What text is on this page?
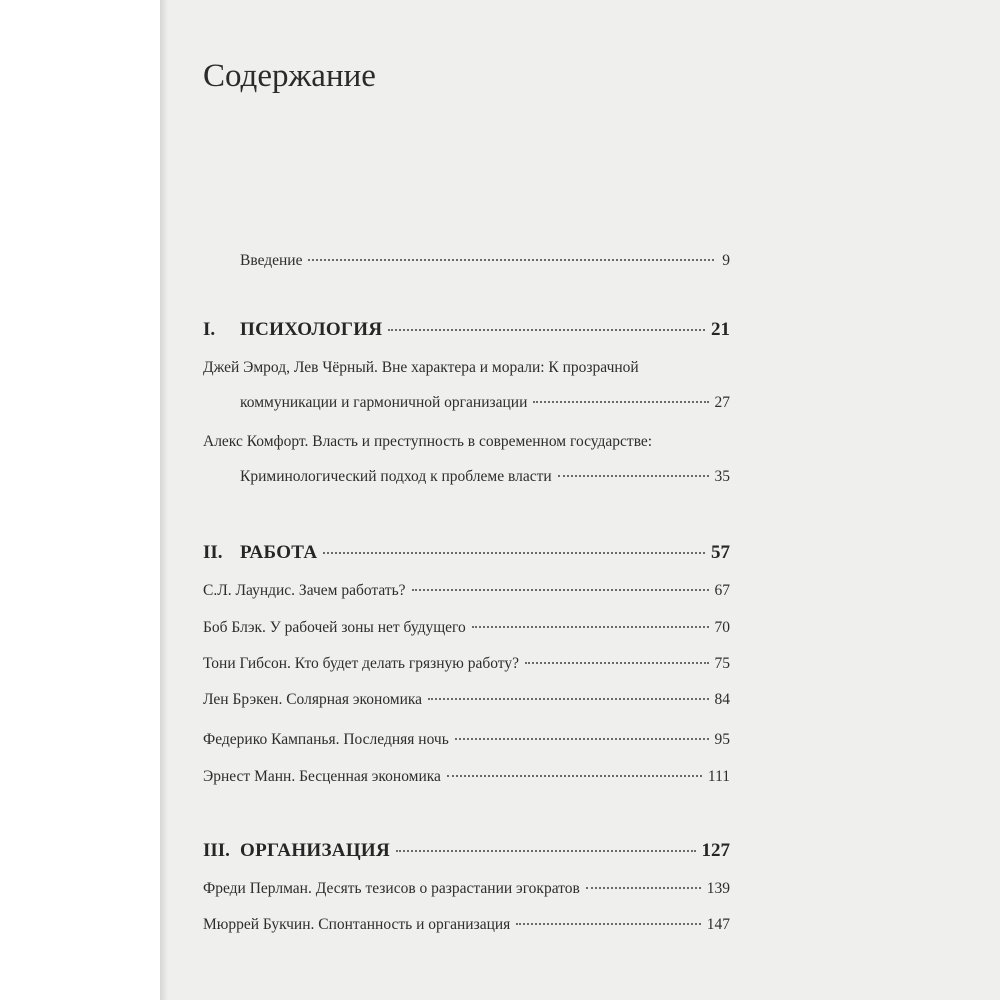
Содержание
Введение	9
I.	ПСИХОЛОГИЯ	21
Джей Эмрод, Лев Чёрный. Вне характера и морали: К прозрачной
коммуникации и гармоничной организации	27
Алекс Комфорт. Власть и преступность в современном государстве:
Криминологический подход к проблеме власти	35
II. РАБОТА	57
С.Л. Лаундис. Зачем работать?	67
Боб Блэк. У рабочей зоны нет будущего	70
Тони Гибсон. Кто будет делать грязную работу?	75
Лен Брэкен. Солярная экономика	84
Федерико Кампанья. Последняя ночь	95
Эрнест Манн. Бесценная экономика	111
III. ОРГАНИЗАЦИЯ	127
Фреди Перлман. Десять тезисов о разрастании эгократов	139
Мюррей Букчин. Спонтанность и организация	147
